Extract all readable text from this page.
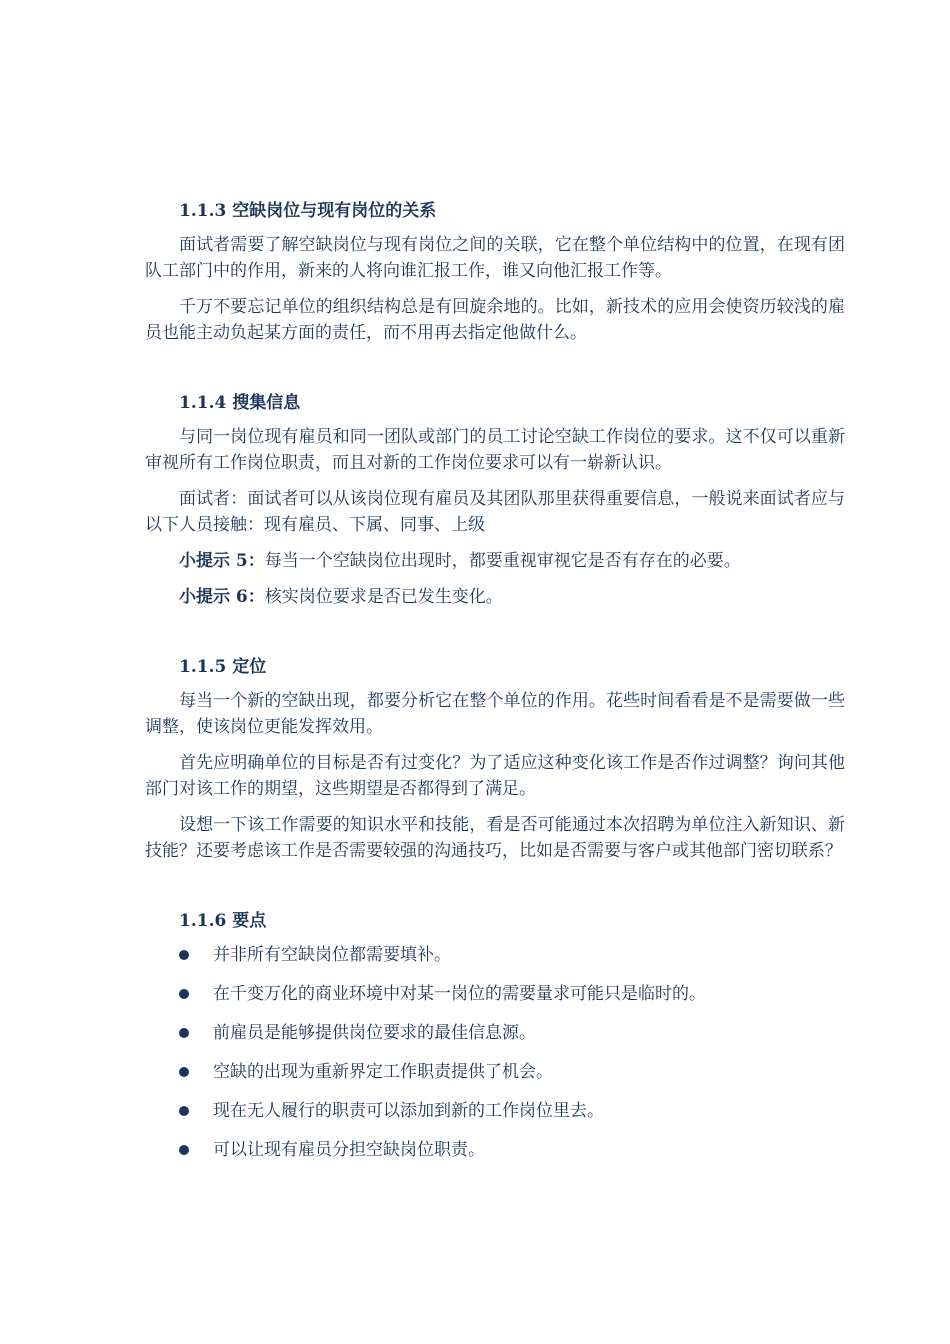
1.1.3 空缺岗位与现有岗位的关系

面试者需要了解空缺岗位与现有岗位之间的关联，它在整个单位结构中的位置，在现有团队工部门中的作用，新来的人将向谁汇报工作，谁又向他汇报工作等。

千万不要忘记单位的组织结构总是有回旋余地的。比如，新技术的应用会使资历较浅的雇员也能主动负起某方面的责任，而不用再去指定他做什么。

1.1.4 搜集信息

与同一岗位现有雇员和同一团队或部门的员工讨论空缺工作岗位的要求。这不仅可以重新审视所有工作岗位职责，而且对新的工作岗位要求可以有一崭新认识。

面试者：面试者可以从该岗位现有雇员及其团队那里获得重要信息，一般说来面试者应与以下人员接触：现有雇员、下属、同事、上级

小提示 5：每当一个空缺岗位出现时，都要重视审视它是否有存在的必要。

小提示 6：核实岗位要求是否已发生变化。

1.1.5 定位

每当一个新的空缺出现，都要分析它在整个单位的作用。花些时间看看是不是需要做一些调整，使该岗位更能发挥效用。

首先应明确单位的目标是否有过变化？为了适应这种变化该工作是否作过调整？询问其他部门对该工作的期望，这些期望是否都得到了满足。

设想一下该工作需要的知识水平和技能，看是否可能通过本次招聘为单位注入新知识、新技能？还要考虑该工作是否需要较强的沟通技巧，比如是否需要与客户或其他部门密切联系？

1.1.6 要点

并非所有空缺岗位都需要填补。
在千变万化的商业环境中对某一岗位的需要量求可能只是临时的。
前雇员是能够提供岗位要求的最佳信息源。
空缺的出现为重新界定工作职责提供了机会。
现在无人履行的职责可以添加到新的工作岗位里去。
可以让现有雇员分担空缺岗位职责。
